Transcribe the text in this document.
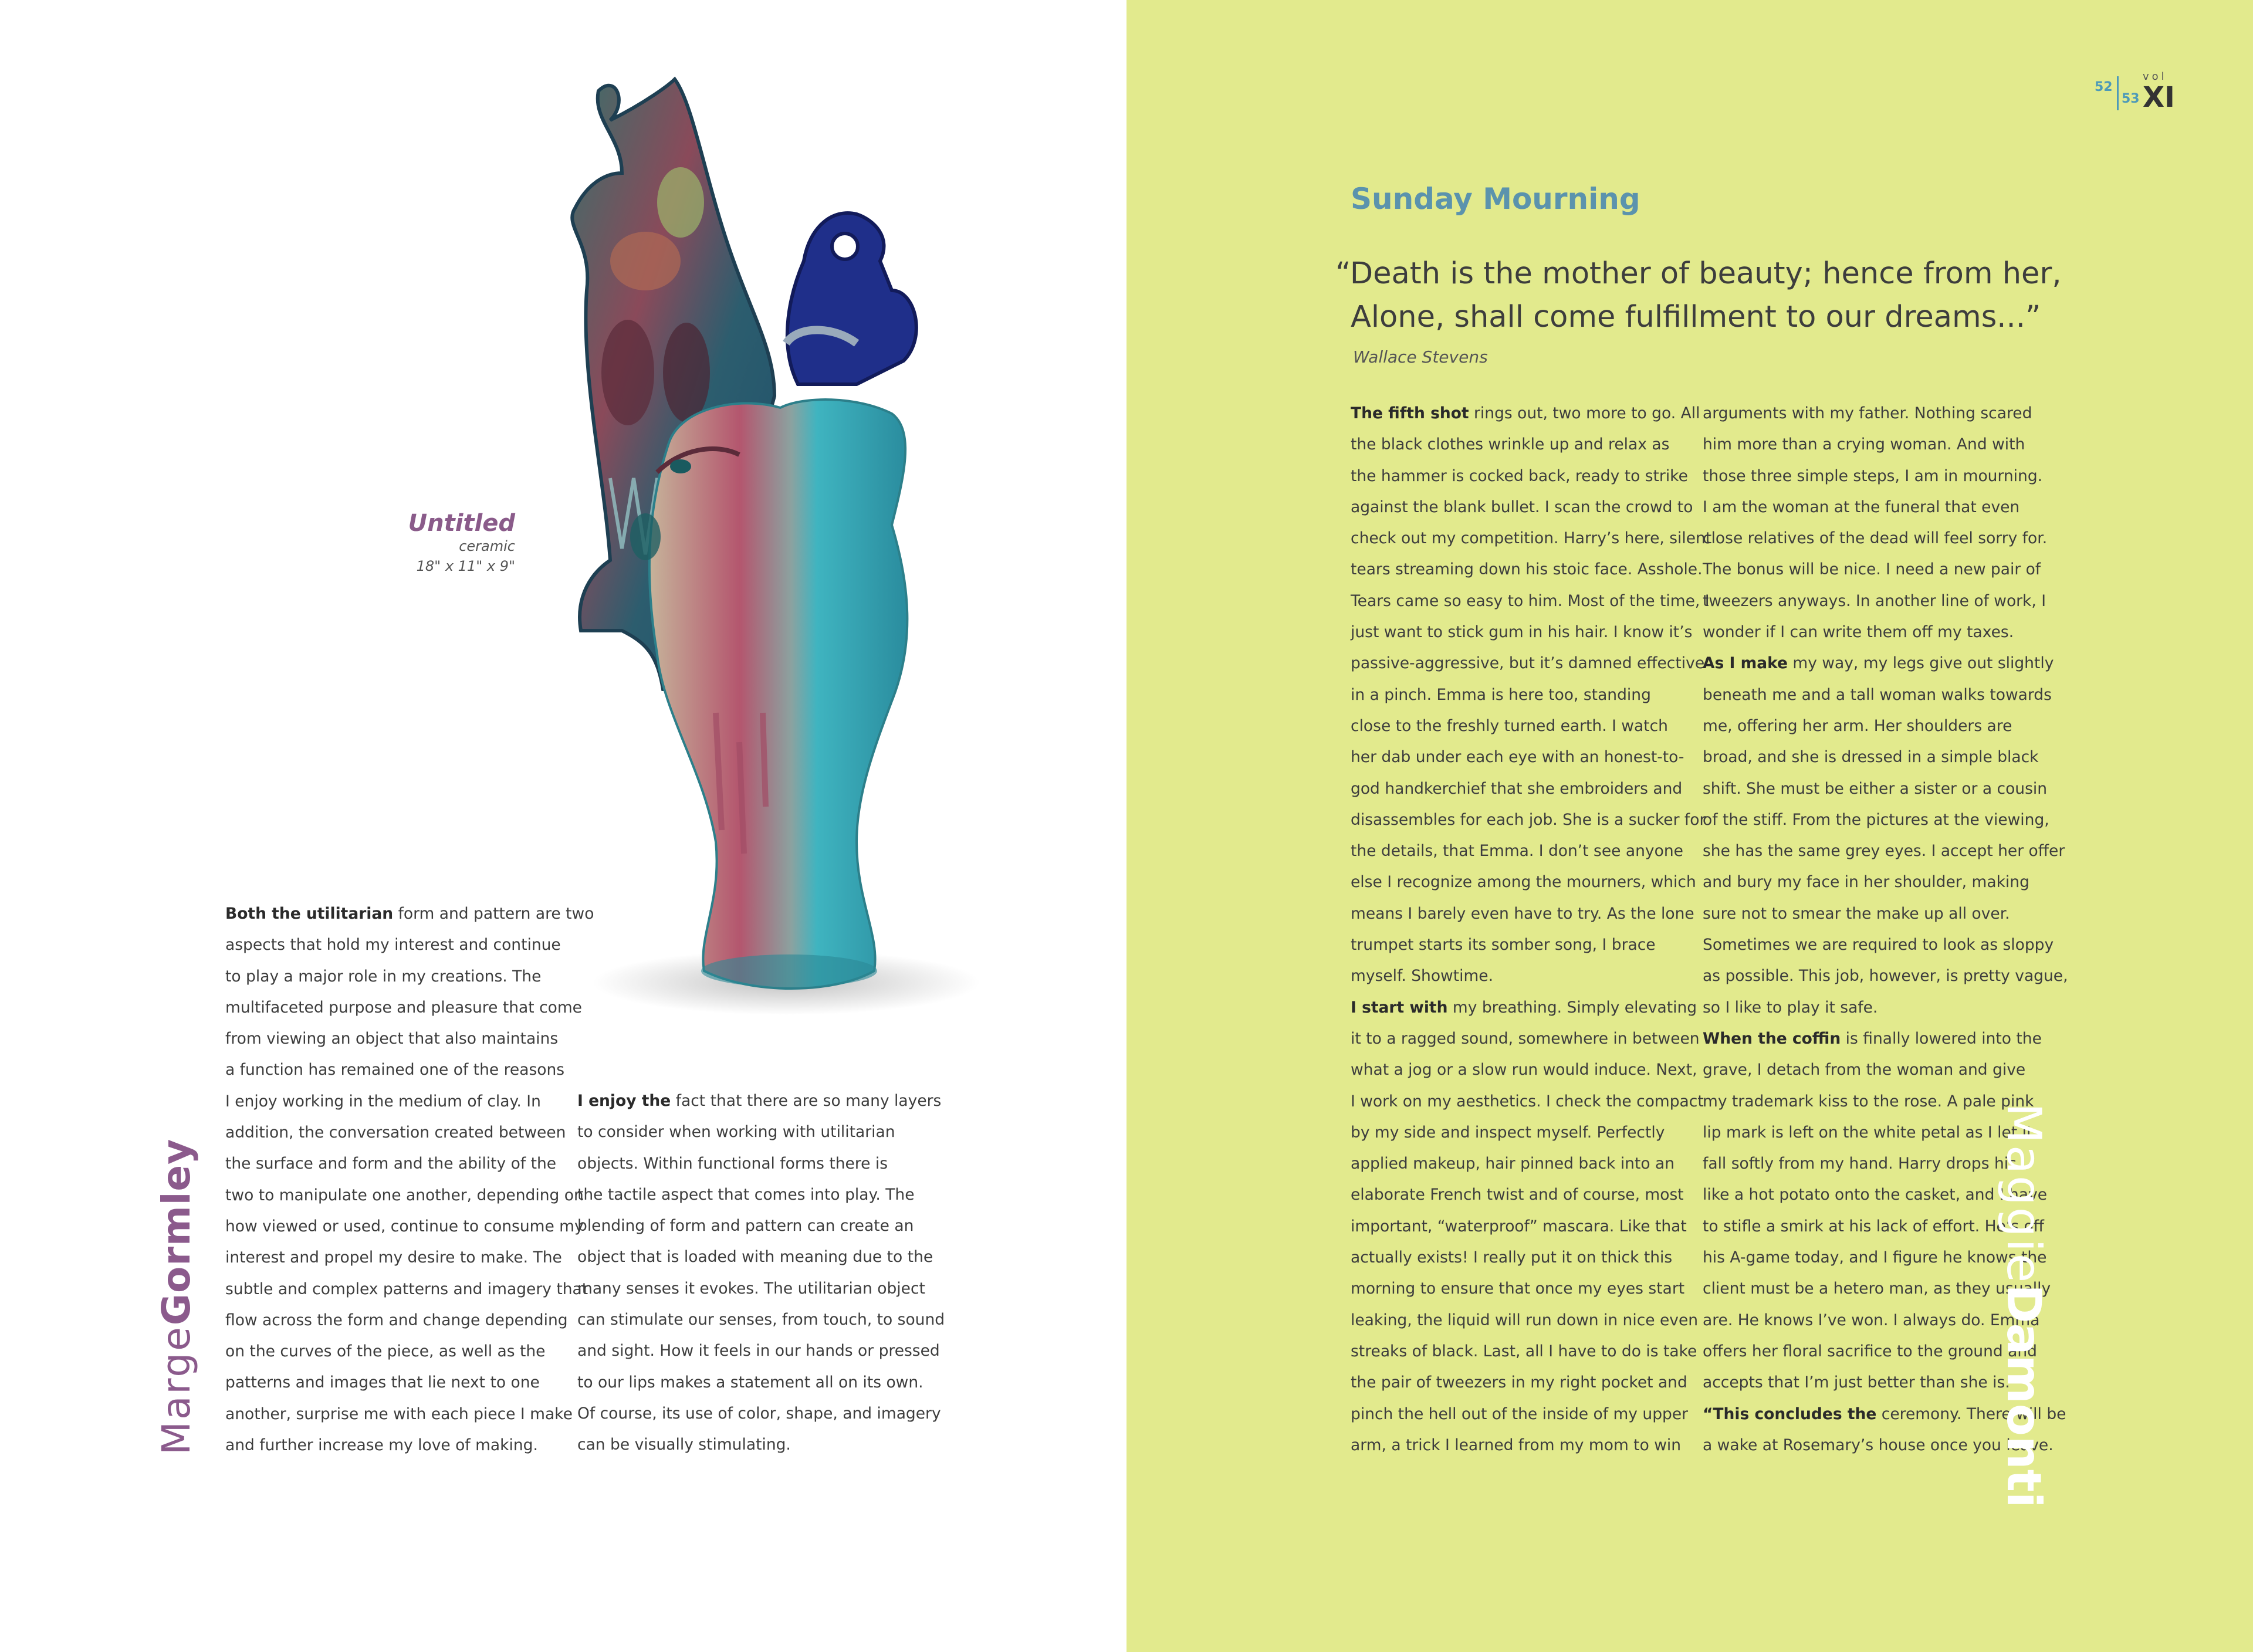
Untitled
ceramic
18" x 11" x 9"
Both the utilitarian form and pattern are two
aspects that hold my interest and continue
to play a major role in my creations. The
multifaceted purpose and pleasure that come
from viewing an object that also maintains
a function has remained one of the reasons
I enjoy working in the medium of clay. In
addition, the conversation created between
the surface and form and the ability of the
two to manipulate one another, depending on
how viewed or used, continue to consume my
interest and propel my desire to make. The
subtle and complex patterns and imagery that
flow across the form and change depending
on the curves of the piece, as well as the
patterns and images that lie next to one
another, surprise me with each piece I make
and further increase my love of making.
I enjoy the fact that there are so many layers
to consider when working with utilitarian
objects. Within functional forms there is
the tactile aspect that comes into play. The
blending of form and pattern can create an
object that is loaded with meaning due to the
many senses it evokes. The utilitarian object
can stimulate our senses, from touch, to sound
and sight. How it feels in our hands or pressed
to our lips makes a statement all on its own.
Of course, its use of color, shape, and imagery
can be visually stimulating.
MargeGormley
52
53
vol
XI
Sunday Mourning
“Death is the mother of beauty; hence from her,
Alone, shall come fulfillment to our dreams...”
Wallace Stevens
The fifth shot rings out, two more to go. All
the black clothes wrinkle up and relax as
the hammer is cocked back, ready to strike
against the blank bullet. I scan the crowd to
check out my competition. Harry’s here, silent
tears streaming down his stoic face. Asshole.
Tears came so easy to him. Most of the time, I
just want to stick gum in his hair. I know it’s
passive-aggressive, but it’s damned effective
in a pinch. Emma is here too, standing
close to the freshly turned earth. I watch
her dab under each eye with an honest-to-
god handkerchief that she embroiders and
disassembles for each job. She is a sucker for
the details, that Emma. I don’t see anyone
else I recognize among the mourners, which
means I barely even have to try. As the lone
trumpet starts its somber song, I brace
myself. Showtime.
I start with my breathing. Simply elevating
it to a ragged sound, somewhere in between
what a jog or a slow run would induce. Next,
I work on my aesthetics. I check the compact
by my side and inspect myself. Perfectly
applied makeup, hair pinned back into an
elaborate French twist and of course, most
important, “waterproof” mascara. Like that
actually exists! I really put it on thick this
morning to ensure that once my eyes start
leaking, the liquid will run down in nice even
streaks of black. Last, all I have to do is take
the pair of tweezers in my right pocket and
pinch the hell out of the inside of my upper
arm, a trick I learned from my mom to win
arguments with my father. Nothing scared
him more than a crying woman. And with
those three simple steps, I am in mourning.
I am the woman at the funeral that even
close relatives of the dead will feel sorry for.
The bonus will be nice. I need a new pair of
tweezers anyways. In another line of work, I
wonder if I can write them off my taxes.
As I make my way, my legs give out slightly
beneath me and a tall woman walks towards
me, offering her arm. Her shoulders are
broad, and she is dressed in a simple black
shift. She must be either a sister or a cousin
of the stiff. From the pictures at the viewing,
she has the same grey eyes. I accept her offer
and bury my face in her shoulder, making
sure not to smear the make up all over.
Sometimes we are required to look as sloppy
as possible. This job, however, is pretty vague,
so I like to play it safe.
When the coffin is finally lowered into the
grave, I detach from the woman and give
my trademark kiss to the rose. A pale pink
lip mark is left on the white petal as I let it
fall softly from my hand. Harry drops his
like a hot potato onto the casket, and I have
to stifle a smirk at his lack of effort. He’s off
his A-game today, and I figure he knows the
client must be a hetero man, as they usually
are. He knows I’ve won. I always do. Emma
offers her floral sacrifice to the ground and
accepts that I’m just better than she is.
“This concludes the ceremony. There will be
a wake at Rosemary’s house once you leave.
MaggieDamonti
